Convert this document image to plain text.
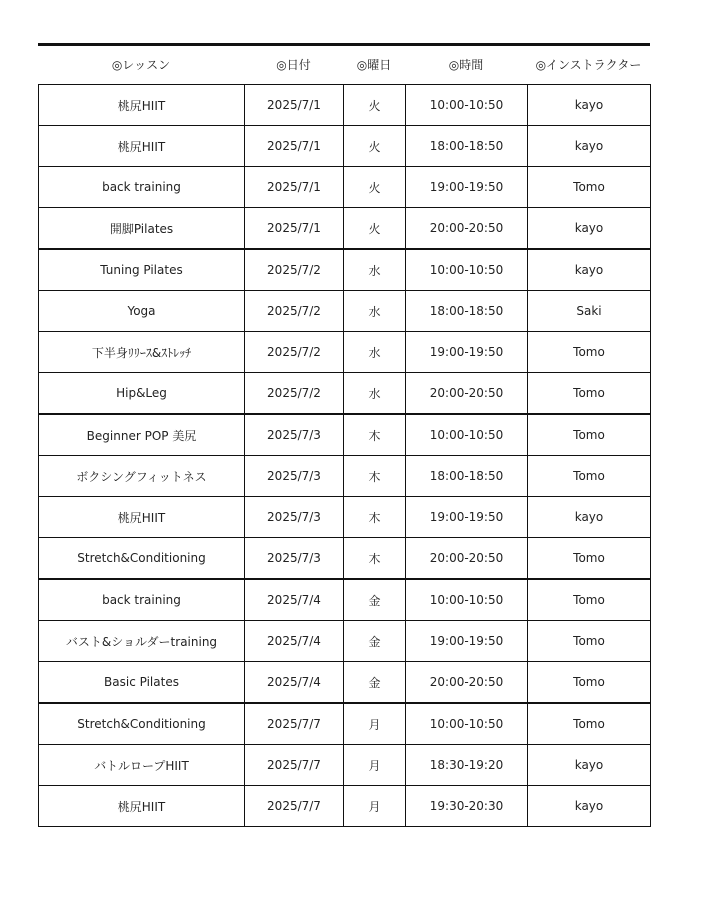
◎レッスン	◎日付	◎曜日	◎時間	◎インストラクター
桃尻HIIT	2025/7/1	火	10:00-10:50	kayo
桃尻HIIT	2025/7/1	火	18:00-18:50	kayo
back training	2025/7/1	火	19:00-19:50	Tomo
開脚Pilates	2025/7/1	火	20:00-20:50	kayo
Tuning Pilates	2025/7/2	水	10:00-10:50	kayo
Yoga	2025/7/2	水	18:00-18:50	Saki
下半身ﾘﾘｰｽ&ｽﾄﾚｯﾁ	2025/7/2	水	19:00-19:50	Tomo
Hip&Leg	2025/7/2	水	20:00-20:50	Tomo
Beginner POP 美尻	2025/7/3	木	10:00-10:50	Tomo
ボクシングフィットネス	2025/7/3	木	18:00-18:50	Tomo
桃尻HIIT	2025/7/3	木	19:00-19:50	kayo
Stretch&Conditioning	2025/7/3	木	20:00-20:50	Tomo
back training	2025/7/4	金	10:00-10:50	Tomo
バスト&ショルダーtraining	2025/7/4	金	19:00-19:50	Tomo
Basic Pilates	2025/7/4	金	20:00-20:50	Tomo
Stretch&Conditioning	2025/7/7	月	10:00-10:50	Tomo
バトルロープHIIT	2025/7/7	月	18:30-19:20	kayo
桃尻HIIT	2025/7/7	月	19:30-20:30	kayo
